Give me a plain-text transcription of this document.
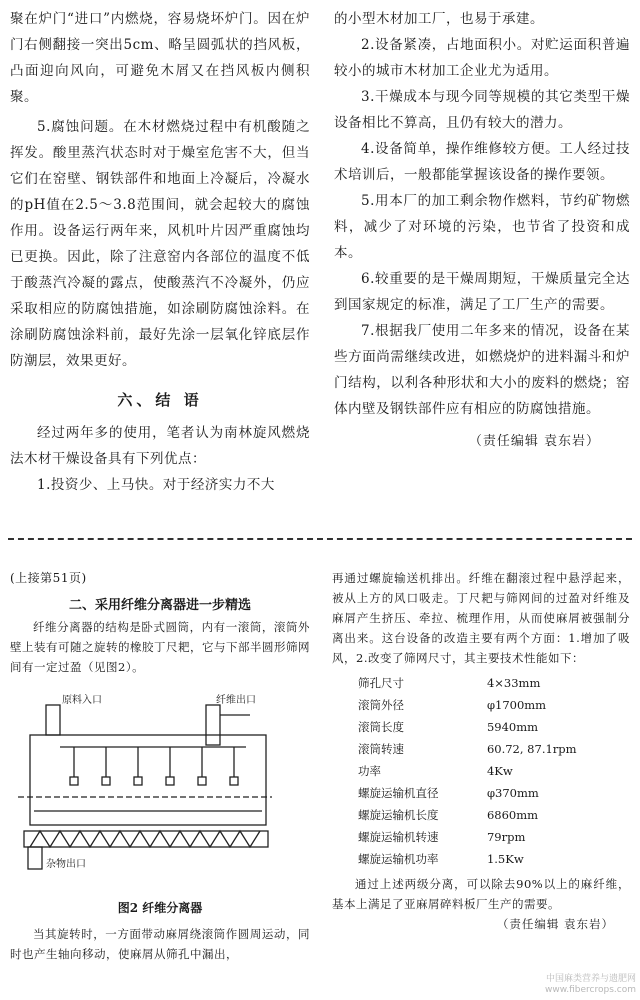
聚在炉门“进口”内燃烧，容易烧坏炉门。因在炉门右侧翻接一突出5cm、略呈圆弧状的挡风板，凸面迎向风向，可避免木屑又在挡风板内侧积聚。

5.腐蚀问题。在木材燃烧过程中有机酸随之挥发。酸里蒸汽状态时对于燥室危害不大，但当它们在窑壁、钢铁部件和地面上冷凝后，冷凝水的pH值在2.5～3.8范围间，就会起较大的腐蚀作用。设备运行两年来，风机叶片因严重腐蚀均已更换。因此，除了注意窑内各部位的温度不低于酸蒸汽冷凝的露点，使酸蒸汽不冷凝外，仍应采取相应的防腐蚀措施，如涂刷防腐蚀涂料。在涂刷防腐蚀涂料前，最好先涂一层氧化锌底层作防潮层，效果更好。

六、结 语

经过两年多的使用，笔者认为南林旋风燃烧法木材干燥设备具有下列优点：

1.投资少、上马快。对于经济实力不大

的小型木材加工厂，也易于承建。

2.设备紧凑，占地面积小。对贮运面积普遍较小的城市木材加工企业尤为适用。

3.干燥成本与现今同等规模的其它类型干燥设备相比不算高，且仍有较大的潜力。

4.设备简单，操作维修较方便。工人经过技术培训后，一般都能掌握该设备的操作要领。

5.用本厂的加工剩余物作燃料，节约矿物燃料，减少了对环境的污染，也节省了投资和成本。

6.较重要的是干燥周期短，干燥质量完全达到国家规定的标准，满足了工厂生产的需要。

7.根据我厂使用二年多来的情况，设备在某些方面尚需继续改进，如燃烧炉的进料漏斗和炉门结构，以利各种形状和大小的废料的燃烧；窑体内壁及钢铁部件应有相应的防腐蚀措施。

（责任编辑 袁东岩）

(上接第51页)

二、采用纤维分离器进一步精选

纤维分离器的结构是卧式圆筒，内有一滚筒，滚筒外壁上装有可随之旋转的橡胶丁尺耙，它与下部半圆形筛网间有一定过盈（见图2）。

原料入口	纤维出口
杂物出口
图2 纤维分离器

当其旋转时，一方面带动麻屑绕滚筒作圆周运动，同时也产生轴向移动，使麻屑从筛孔中漏出，

再通过螺旋输送机排出。纤维在翻滚过程中悬浮起来，被从上方的风口吸走。丁尺耙与筛网间的过盈对纤维及麻屑产生挤压、牵拉、梳理作用，从而使麻屑被强制分离出来。这台设备的改造主要有两个方面：1.增加了吸风，2.改变了筛网尺寸，其主要技术性能如下：

筛孔尺寸	4×33mm
滚筒外径	φ1700mm
滚筒长度	5940mm
滚筒转速	60.72, 87.1rpm
功率	4Kw
螺旋运输机直径	φ370mm
螺旋运输机长度	6860mm
螺旋运输机转速	79rpm
螺旋运输机功率	1.5Kw

通过上述两级分离，可以除去90%以上的麻纤维，基本上满足了亚麻屑碎料板厂生产的需要。

（责任编辑 袁东岩）
中国麻类营养与遗肥网
www.fibercrops.com
